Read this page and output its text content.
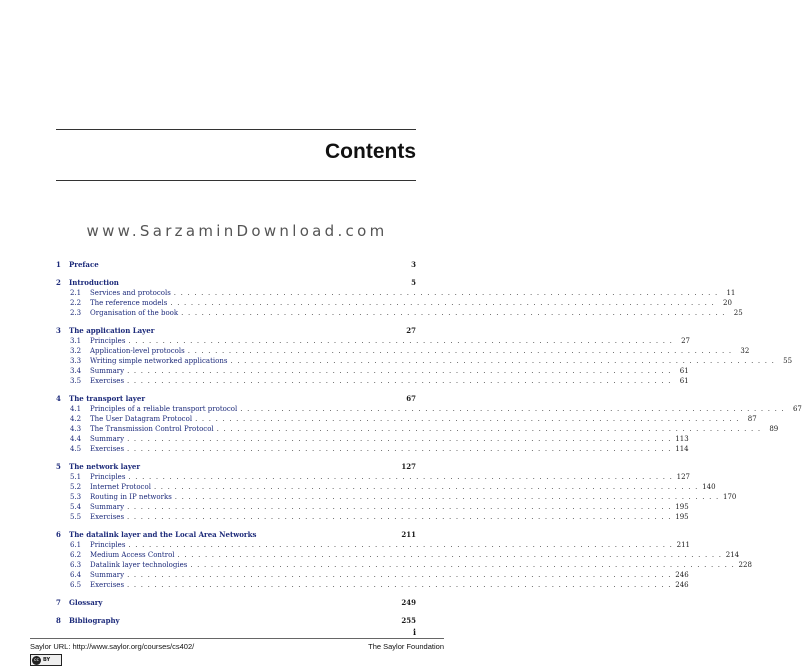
Contents
www.SarzaminDownload.com
1	Preface	3
2	Introduction	5
2.1	Services and protocols . . . . . . . . . . . . . . . . . . . . . . . . . . . . . . . . . . . . . . . . . . . . . . . . . . . . . . . . . . . . . . . . . . . . . . . . . . . . . . . .	11
2.2	The reference models . . . . . . . . . . . . . . . . . . . . . . . . . . . . . . . . . . . . . . . . . . . . . . . . . . . . . . . . . . . . . . . . . . . . . . . . . . . . . . . .	20
2.3	Organisation of the book . . . . . . . . . . . . . . . . . . . . . . . . . . . . . . . . . . . . . . . . . . . . . . . . . . . . . . . . . . . . . . . . . . . . . . . . . . . . . . . .	25
3	The application Layer	27
3.1	Principles . . . . . . . . . . . . . . . . . . . . . . . . . . . . . . . . . . . . . . . . . . . . . . . . . . . . . . . . . . . . . . . . . . . . . . . . . . . . . . . .	27
3.2	Application-level protocols . . . . . . . . . . . . . . . . . . . . . . . . . . . . . . . . . . . . . . . . . . . . . . . . . . . . . . . . . . . . . . . . . . . . . . . . . . . . . . . .	32
3.3	Writing simple networked applications . . . . . . . . . . . . . . . . . . . . . . . . . . . . . . . . . . . . . . . . . . . . . . . . . . . . . . . . . . . . . . . . . . . . . . . . . . . . . . . .	55
3.4	Summary . . . . . . . . . . . . . . . . . . . . . . . . . . . . . . . . . . . . . . . . . . . . . . . . . . . . . . . . . . . . . . . . . . . . . . . . . . . . . . . .	61
3.5	Exercises . . . . . . . . . . . . . . . . . . . . . . . . . . . . . . . . . . . . . . . . . . . . . . . . . . . . . . . . . . . . . . . . . . . . . . . . . . . . . . . .	61
4	The transport layer	67
4.1	Principles of a reliable transport protocol . . . . . . . . . . . . . . . . . . . . . . . . . . . . . . . . . . . . . . . . . . . . . . . . . . . . . . . . . . . . . . . . . . . . . . . . . . . . . . . .	67
4.2	The User Datagram Protocol . . . . . . . . . . . . . . . . . . . . . . . . . . . . . . . . . . . . . . . . . . . . . . . . . . . . . . . . . . . . . . . . . . . . . . . . . . . . . . . .	87
4.3	The Transmission Control Protocol . . . . . . . . . . . . . . . . . . . . . . . . . . . . . . . . . . . . . . . . . . . . . . . . . . . . . . . . . . . . . . . . . . . . . . . . . . . . . . . .	89
4.4	Summary . . . . . . . . . . . . . . . . . . . . . . . . . . . . . . . . . . . . . . . . . . . . . . . . . . . . . . . . . . . . . . . . . . . . . . . . . . . . . . . . 113
4.5	Exercises . . . . . . . . . . . . . . . . . . . . . . . . . . . . . . . . . . . . . . . . . . . . . . . . . . . . . . . . . . . . . . . . . . . . . . . . . . . . . . . . 114
5	The network layer	127
5.1	Principles . . . . . . . . . . . . . . . . . . . . . . . . . . . . . . . . . . . . . . . . . . . . . . . . . . . . . . . . . . . . . . . . . . . . . . . . . . . . . . . . 127
5.2	Internet Protocol . . . . . . . . . . . . . . . . . . . . . . . . . . . . . . . . . . . . . . . . . . . . . . . . . . . . . . . . . . . . . . . . . . . . . . . . . . . . . . . . 140
5.3	Routing in IP networks . . . . . . . . . . . . . . . . . . . . . . . . . . . . . . . . . . . . . . . . . . . . . . . . . . . . . . . . . . . . . . . . . . . . . . . . . . . . . . . . 170
5.4	Summary . . . . . . . . . . . . . . . . . . . . . . . . . . . . . . . . . . . . . . . . . . . . . . . . . . . . . . . . . . . . . . . . . . . . . . . . . . . . . . . . 195
5.5	Exercises . . . . . . . . . . . . . . . . . . . . . . . . . . . . . . . . . . . . . . . . . . . . . . . . . . . . . . . . . . . . . . . . . . . . . . . . . . . . . . . . 195
6	The datalink layer and the Local Area Networks	211
6.1	Principles . . . . . . . . . . . . . . . . . . . . . . . . . . . . . . . . . . . . . . . . . . . . . . . . . . . . . . . . . . . . . . . . . . . . . . . . . . . . . . . . 211
6.2	Medium Access Control . . . . . . . . . . . . . . . . . . . . . . . . . . . . . . . . . . . . . . . . . . . . . . . . . . . . . . . . . . . . . . . . . . . . . . . . . . . . . . . . 214
6.3	Datalink layer technologies . . . . . . . . . . . . . . . . . . . . . . . . . . . . . . . . . . . . . . . . . . . . . . . . . . . . . . . . . . . . . . . . . . . . . . . . . . . . . . . . 228
6.4	Summary . . . . . . . . . . . . . . . . . . . . . . . . . . . . . . . . . . . . . . . . . . . . . . . . . . . . . . . . . . . . . . . . . . . . . . . . . . . . . . . . 246
6.5	Exercises . . . . . . . . . . . . . . . . . . . . . . . . . . . . . . . . . . . . . . . . . . . . . . . . . . . . . . . . . . . . . . . . . . . . . . . . . . . . . . . . 246
7	Glossary	249
8	Bibliography	255
i
Saylor URL: http://www.saylor.org/courses/cs402/	The Saylor Foundation
cc BY
